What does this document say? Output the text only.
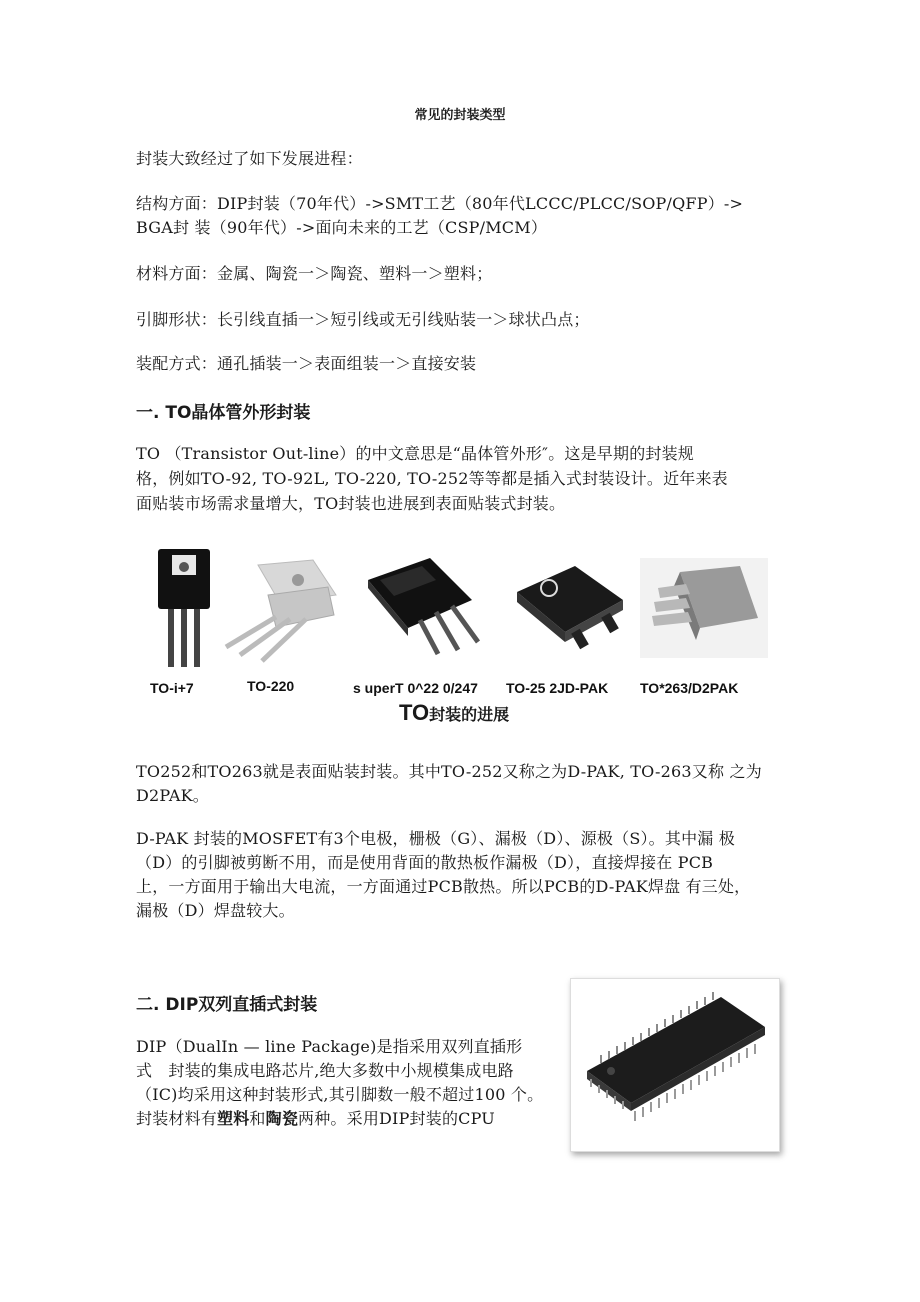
常见的封装类型
封装大致经过了如下发展进程：
结构方面：DIP封装（70年代）->SMT工艺（80年代LCCC/PLCC/SOP/QFP）->
BGA封 装（90年代）->面向未来的工艺（CSP/MCM）
材料方面：金属、陶瓷一＞陶瓷、塑料一＞塑料；
引脚形状：长引线直插一＞短引线或无引线贴装一＞球状凸点；
装配方式：通孔插装一＞表面组装一＞直接安装
一. TO晶体管外形封装
TO （Transistor Out-line）的中文意思是“晶体管外形″。这是早期的封装规
格，例如TO-92, TO-92L, TO-220, TO-252等等都是插入式封装设计。近年来表
面贴装市场需求量增大，TO封装也进展到表面贴装式封装。
TO-i+7	TO-220	s uperT 0^22 0/247 TO-25 2JD-PAK TO*263/D2PAK
TO封装的进展
TO252和TO263就是表面贴装封装。其中TO-252又称之为D-PAK, TO-263又称 之为
D2PAK。
D-PAK 封装的MOSFET有3个电极，栅极（G）、漏极（D）、源极（S）。其中漏 极
（D）的引脚被剪断不用，而是使用背面的散热板作漏极（D），直接焊接在 PCB
上，一方面用于输出大电流，一方面通过PCB散热。所以PCB的D-PAK焊盘 有三处，
漏极（D）焊盘较大。
二. DIP双列直插式封装
DIP（DualIn — line Package)是指采用双列直插形
式　封装的集成电路芯片,绝大多数中小规模集成电路
（IC)均采用这种封装形式,其引脚数一般不超过100 个。
封装材料有塑料和陶瓷两种。采用DIP封装的CPU
